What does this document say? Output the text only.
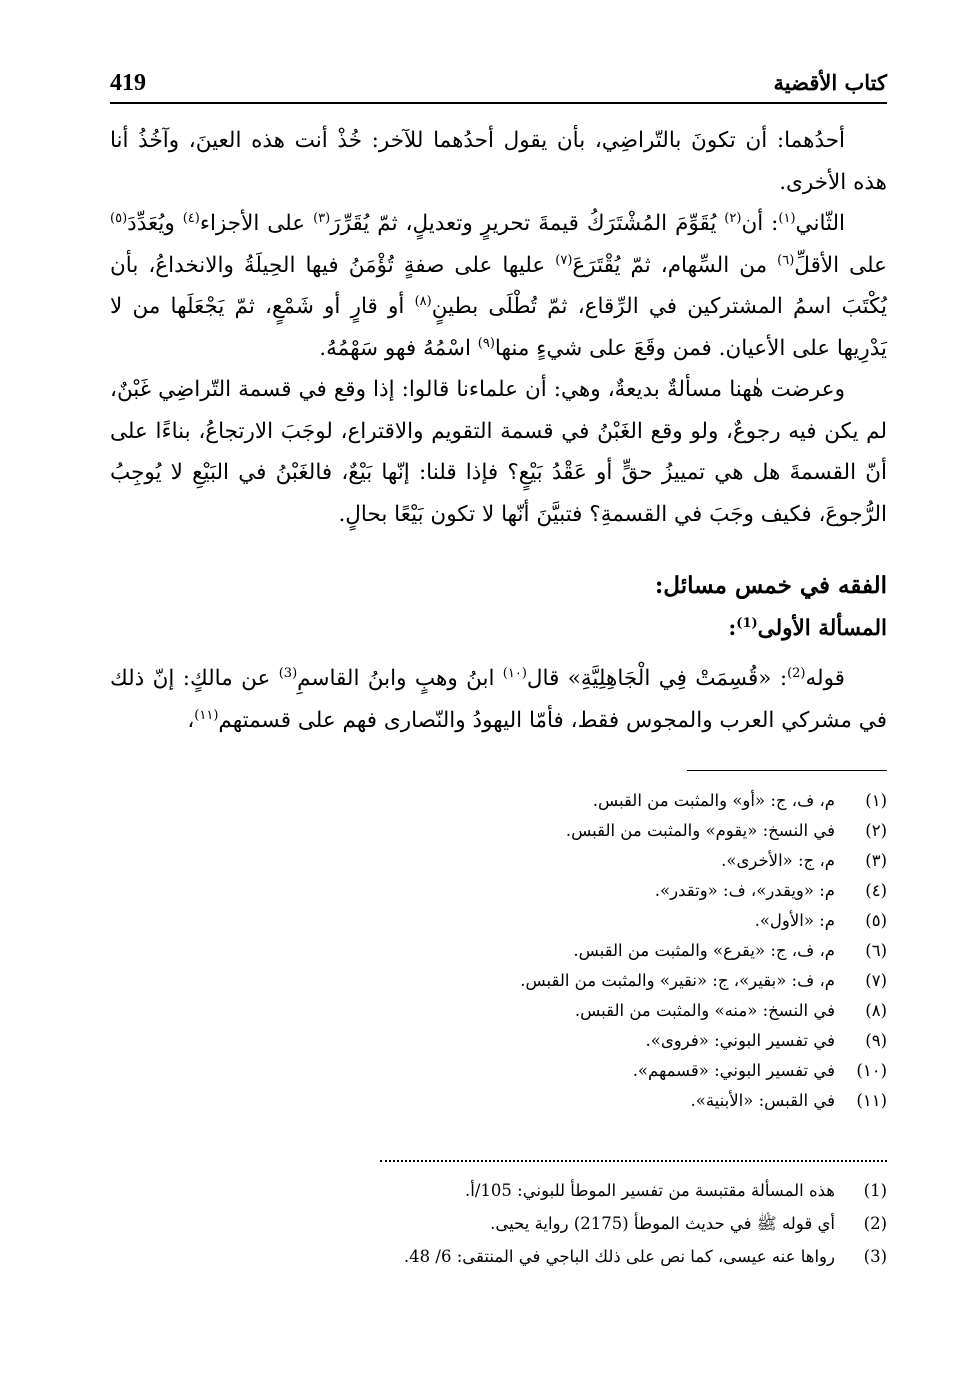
419	كتاب الأقضية

أحدُهما: أن تكونَ بالتّراضِي، بأن يقول أحدُهما للآخر: خُذْ أنت هذه العينَ، وآخُذُ أنا هذه الأخرى.

الثّاني$^{(١)}$: أن$^{(٢)}$ يُقَوِّمَ المُشْتَرَكُ قيمةَ تحريرٍ وتعديلٍ، ثمّ يُقَرِّرَ$^{(٣)}$ على الأجزاء$^{(٤)}$ ويُعَدِّدَ$^{(٥)}$ على الأقلِّ$^{(٦)}$ من السِّهام، ثمّ يُقْتَرَعَ$^{(٧)}$ عليها على صفةٍ تُؤْمَنُ فيها الحِيلَةُ والانخداعُ، بأن يُكْتَبَ اسمُ المشتركين في الرِّقاع، ثمّ تُطْلَى بطينٍ$^{(٨)}$ أو قارٍ أو شَمْعٍ، ثمّ يَجْعَلَها من لا يَدْرِيها على الأعيان. فمن وقَعَ على شيءٍ منها$^{(٩)}$ اسْمُهُ فهو سَهْمُهُ.

وعرضت هٰهنا مسألةٌ بديعةٌ، وهي: أن علماءنا قالوا: إذا وقع في قسمة التّراضِي غَبْنٌ، لم يكن فيه رجوعٌ، ولو وقع الغَبْنُ في قسمة التقويم والاقتراع، لوجَبَ الارتجاعُ، بناءًا على أنّ القسمةَ هل هي تمييزُ حقٍّ أو عَقْدُ بَيْعٍ؟ فإذا قلنا: إنّها بَيْعٌ، فالغَبْنُ في البَيْعِ لا يُوجِبُ الرُّجوعَ، فكيف وجَبَ في القسمةِ؟ فتبيَّنَ أنّها لا تكون بَيْعًا بحالٍ.

الفقه في خمس مسائل:
المسألة الأولى$^{(1)}$:

قوله$^{(2)}$: «قُسِمَتْ فِي الْجَاهِلِيَّةِ» قال$^{(١٠)}$ ابنُ وهبٍ وابنُ القاسمِ$^{(3)}$ عن مالكٍ: إنّ ذلك في مشركي العرب والمجوس فقط، فأمّا اليهودُ والنّصارى فهم على قسمتهم$^{(١١)}$،

(١)
م، ف، ج: «أو» والمثبت من القبس.
(٢)
في النسخ: «يقوم» والمثبت من القبس.
(٣)
م، ج: «الأخرى».
(٤)
م: «ويقدر»، ف: «وتقدر».
(٥)
م: «الأول».
(٦)
م، ف، ج: «يقرع» والمثبت من القبس.
(٧)
م، ف: «بقير»، ج: «نقير» والمثبت من القبس.
(٨)
في النسخ: «منه» والمثبت من القبس.
(٩)
في تفسير البوني: «فروى».
(١٠)
في تفسير البوني: «قسمهم».
(١١)
في القبس: «الأبنية».
(1)
هذه المسألة مقتبسة من تفسير الموطأ للبوني: 105/أ.
(2)
أي قوله ﷺ في حديث الموطأ (2175) رواية يحيى.
(3)
رواها عنه عيسى، كما نص على ذلك الباجي في المنتقى: 6/ 48.
